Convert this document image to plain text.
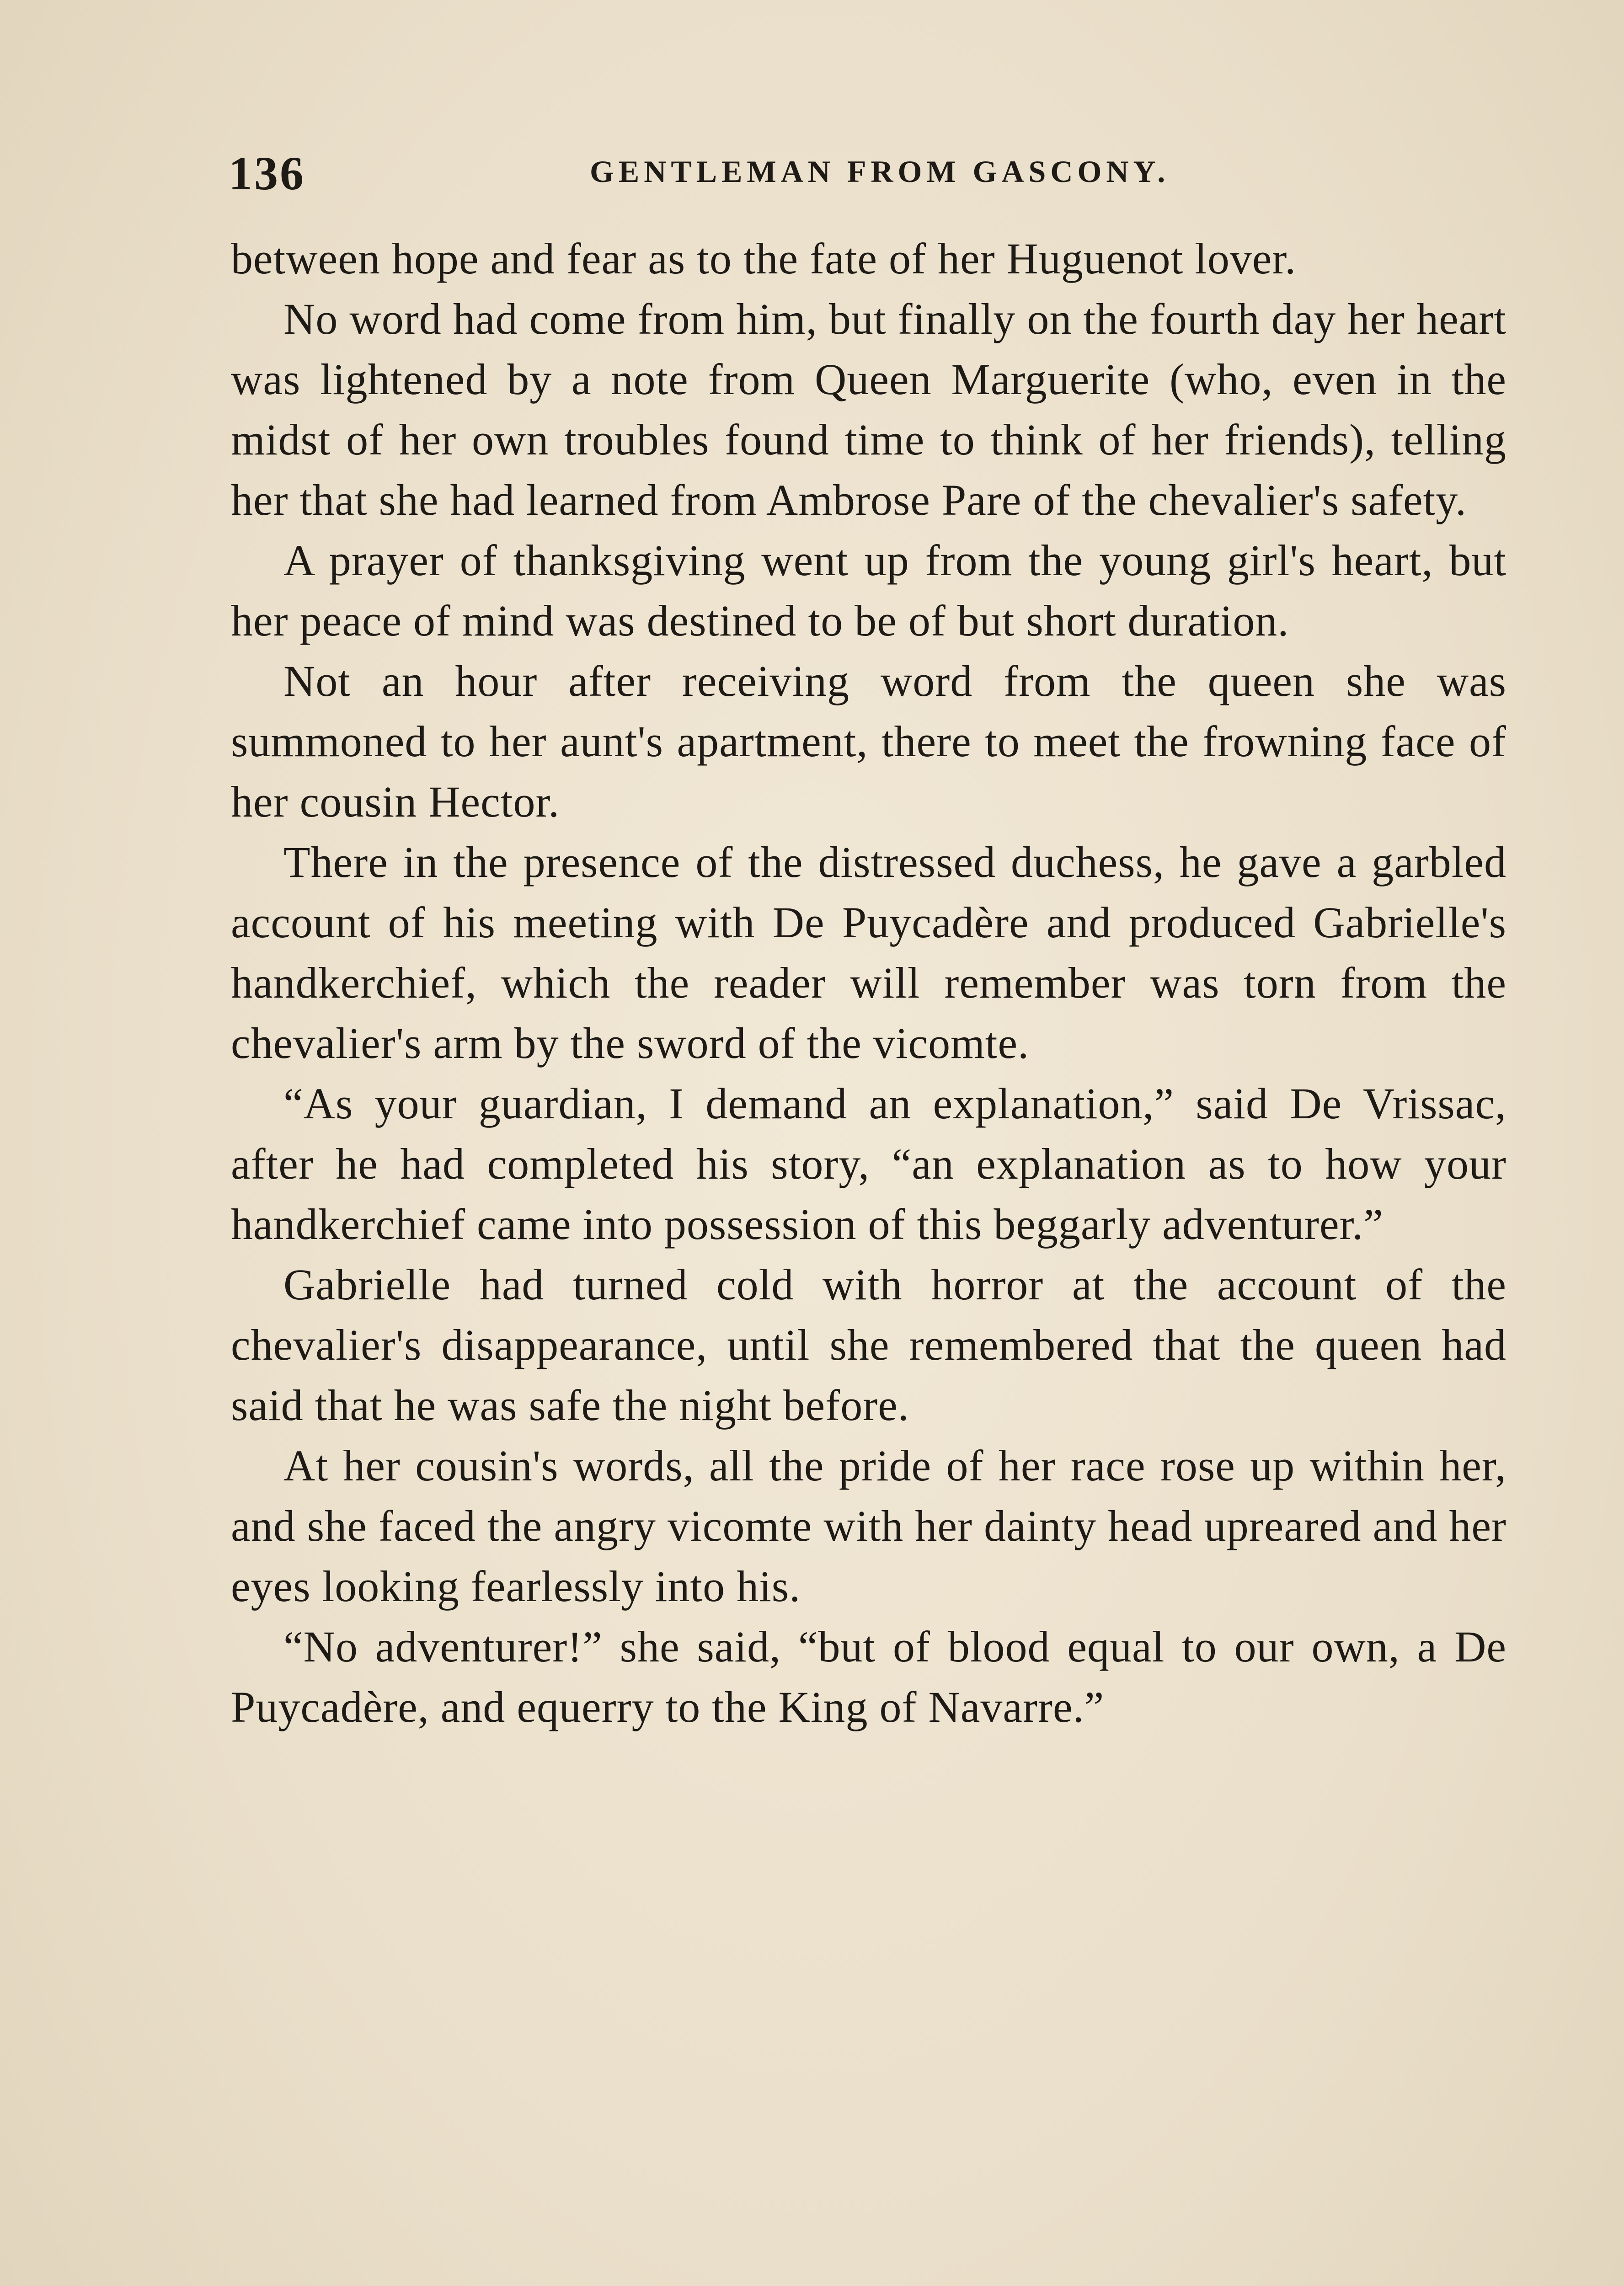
136	GENTLEMAN FROM GASCONY.

between hope and fear as to the fate of her Huguenot lover.

No word had come from him, but finally on the fourth day her heart was lightened by a note from Queen Marguerite (who, even in the midst of her own troubles found time to think of her friends), telling her that she had learned from Ambrose Pare of the chevalier's safety.

A prayer of thanksgiving went up from the young girl's heart, but her peace of mind was destined to be of but short duration.

Not an hour after receiving word from the queen she was summoned to her aunt's apartment, there to meet the frowning face of her cousin Hector.

There in the presence of the distressed duchess, he gave a garbled account of his meeting with De Puycadère and produced Gabrielle's handkerchief, which the reader will remember was torn from the chevalier's arm by the sword of the vicomte.

“As your guardian, I demand an explanation,” said De Vrissac, after he had completed his story, “an explanation as to how your handkerchief came into possession of this beggarly adventurer.”

Gabrielle had turned cold with horror at the account of the chevalier's disappearance, until she remembered that the queen had said that he was safe the night before.

At her cousin's words, all the pride of her race rose up within her, and she faced the angry vicomte with her dainty head upreared and her eyes looking fearlessly into his.

“No adventurer!” she said, “but of blood equal to our own, a De Puycadère, and equerry to the King of Navarre.”
